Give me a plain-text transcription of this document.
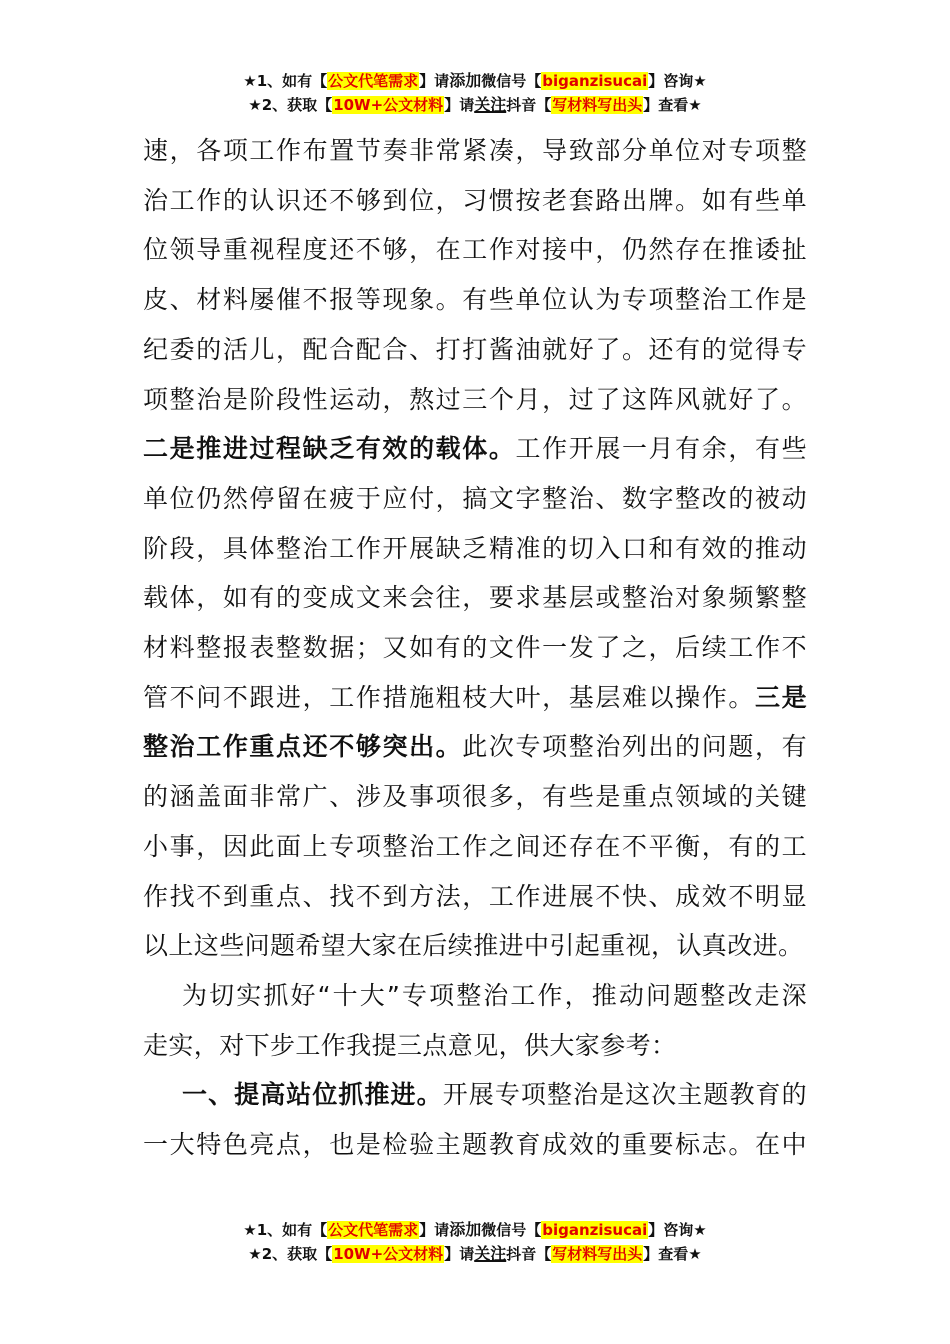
★1、如有【公文代笔需求】请添加微信号【biganzisucai】咨询★
★2、获取【10W+公文材料】请关注抖音【写材料写出头】查看★

速，各项工作布置节奏非常紧凑，导致部分单位对专项整

治工作的认识还不够到位，习惯按老套路出牌。如有些单

位领导重视程度还不够，在工作对接中，仍然存在推诿扯

皮、材料屡催不报等现象。有些单位认为专项整治工作是

纪委的活儿，配合配合、打打酱油就好了。还有的觉得专

项整治是阶段性运动，熬过三个月，过了这阵风就好了。

二是推进过程缺乏有效的载体。工作开展一月有余，有些

单位仍然停留在疲于应付，搞文字整治、数字整改的被动

阶段，具体整治工作开展缺乏精准的切入口和有效的推动

载体，如有的变成文来会往，要求基层或整治对象频繁整

材料整报表整数据；又如有的文件一发了之，后续工作不

管不问不跟进，工作措施粗枝大叶，基层难以操作。三是

整治工作重点还不够突出。此次专项整治列出的问题，有

的涵盖面非常广、涉及事项很多，有些是重点领域的关键

小事，因此面上专项整治工作之间还存在不平衡，有的工

作找不到重点、找不到方法，工作进展不快、成效不明显

以上这些问题希望大家在后续推进中引起重视，认真改进。

为切实抓好“十大”专项整治工作，推动问题整改走深

走实，对下步工作我提三点意见，供大家参考：

一、提高站位抓推进。开展专项整治是这次主题教育的

一大特色亮点，也是检验主题教育成效的重要标志。在中

★1、如有【公文代笔需求】请添加微信号【biganzisucai】咨询★
★2、获取【10W+公文材料】请关注抖音【写材料写出头】查看★
